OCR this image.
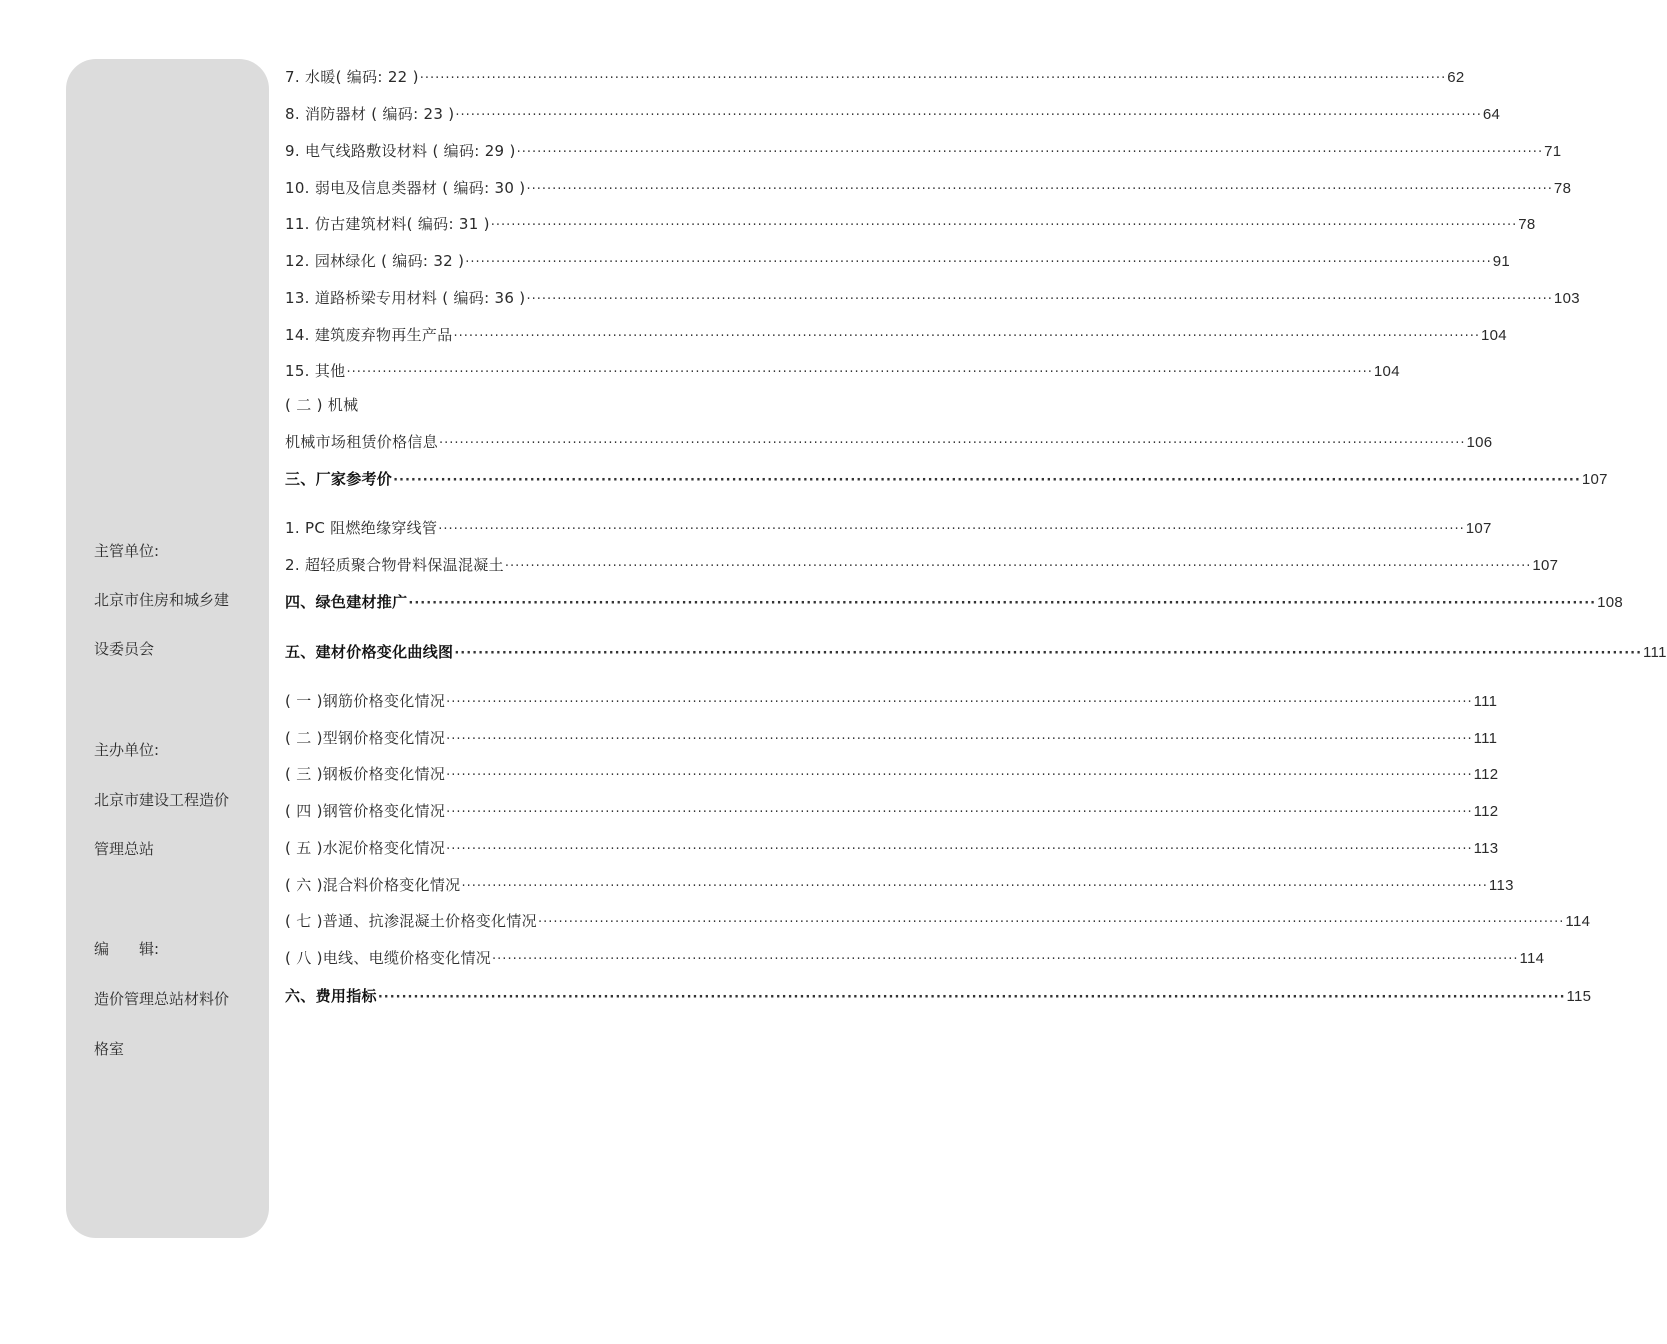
主管单位:
北京市住房和城乡建
设委员会
主办单位:
北京市建设工程造价
管理总站
编　　辑:
造价管理总站材料价
格室
7. 水暖( 编码: 22 ) ········································································································································································································ 62
8. 消防器材 ( 编码: 23 ) ········································································································································································································ 64
9. 电气线路敷设材料 ( 编码: 29 ) ········································································································································································································ 71
10. 弱电及信息类器材 ( 编码: 30 ) ········································································································································································································ 78
11. 仿古建筑材料( 编码: 31 ) ········································································································································································································ 78
12. 园林绿化 ( 编码: 32 ) ········································································································································································································ 91
13. 道路桥梁专用材料 ( 编码: 36 ) ········································································································································································································ 103
14. 建筑废弃物再生产品 ········································································································································································································ 104
15. 其他 ········································································································································································································ 104
( 二 ) 机械
机械市场租赁价格信息 ········································································································································································································ 106
三、厂家参考价 ········································································································································································································ 107
1. PC 阻燃绝缘穿线管 ········································································································································································································ 107
2. 超轻质聚合物骨料保温混凝土 ········································································································································································································ 107
四、绿色建材推广 ········································································································································································································ 108
五、建材价格变化曲线图 ········································································································································································································ 111
( 一 )钢筋价格变化情况 ········································································································································································································ 111
( 二 )型钢价格变化情况 ········································································································································································································ 111
( 三 )钢板价格变化情况 ········································································································································································································ 112
( 四 )钢管价格变化情况 ········································································································································································································ 112
( 五 )水泥价格变化情况 ········································································································································································································ 113
( 六 )混合料价格变化情况 ········································································································································································································ 113
( 七 )普通、抗渗混凝土价格变化情况 ········································································································································································································ 114
( 八 )电线、电缆价格变化情况 ········································································································································································································ 114
六、费用指标 ········································································································································································································ 115
